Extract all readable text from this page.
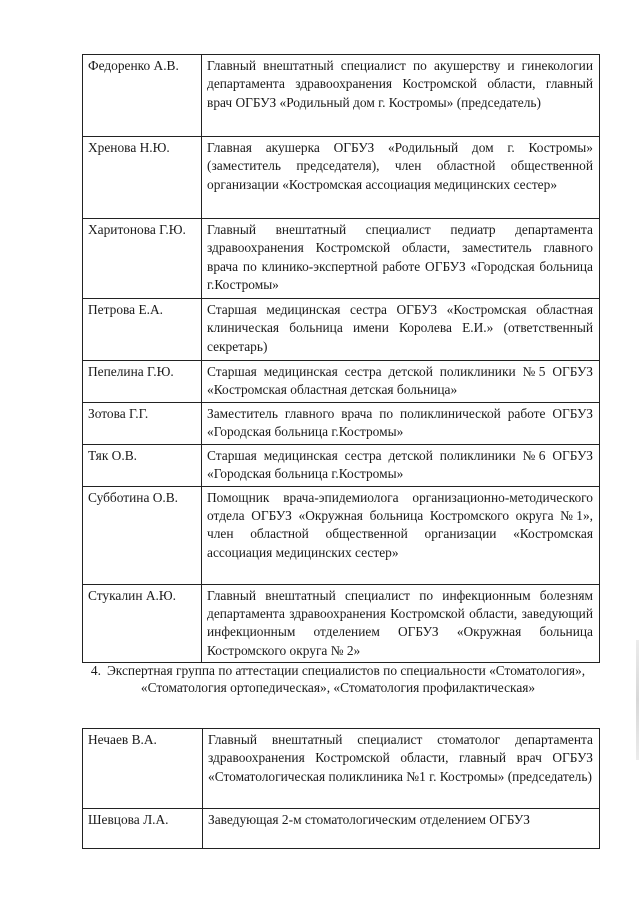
Федоренко А.В.	Главный внештатный специалист по акушерству и гинекологии департамента здравоохранения Костромской области, главный врач ОГБУЗ «Родильный дом г. Костромы» (председатель)
Хренова Н.Ю.	Главная акушерка ОГБУЗ «Родильный дом г. Костромы» (заместитель председателя), член областной общественной организации «Костромская ассоциация медицинских сестер»
Харитонова Г.Ю.	Главный внештатный специалист педиатр департамента здравоохранения Костромской области, заместитель главного врача по клинико-экспертной работе ОГБУЗ «Городская больница г.Костромы»
Петрова Е.А.	Старшая медицинская сестра ОГБУЗ «Костромская областная клиническая больница имени Королева Е.И.» (ответственный секретарь)
Пепелина Г.Ю.	Старшая медицинская сестра детской поликлиники №5 ОГБУЗ «Костромская областная детская больница»
Зотова Г.Г.	Заместитель главного врача по поликлинической работе ОГБУЗ «Городская больница г.Костромы»
Тяк О.В.	Старшая медицинская сестра детской поликлиники №6 ОГБУЗ «Городская больница г.Костромы»
Субботина О.В.	Помощник врача-эпидемиолога организационно-методического отдела ОГБУЗ «Окружная больница Костромского округа №1», член областной общественной организации «Костромская ассоциация медицинских сестер»
Стукалин А.Ю.	Главный внештатный специалист по инфекционным болезням департамента здравоохранения Костромской области, заведующий инфекционным отделением ОГБУЗ «Окружная больница Костромского округа № 2»
4. Экспертная группа по аттестации специалистов по специальности «Стоматология», «Стоматология ортопедическая», «Стоматология профилактическая»
Нечаев В.А.	Главный внештатный специалист стоматолог департамента здравоохранения Костромской области, главный врач ОГБУЗ «Стоматологическая поликлиника №1 г. Костромы» (председатель)
Шевцова Л.А.	Заведующая 2-м стоматологическим отделением ОГБУЗ
